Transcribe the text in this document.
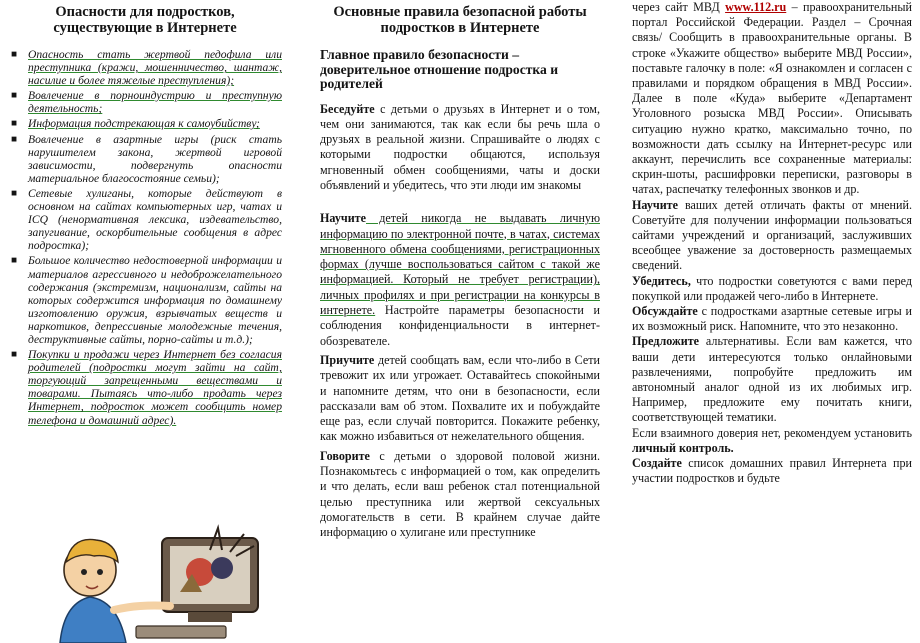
Опасности для подростков, существующие в Интернете
■ Опасность стать жертвой педофила или преступника (кражи, мошенничество, шантаж, насилие и более тяжелые преступления);
■ Вовлечение в порноиндустрию и преступную деятельность;
■ Информация подстрекающая к самоубийству;
■ Вовлечение в азартные игры (риск стать нарушителем закона, жертвой игровой зависимости, подвергнуть опасности материальное благосостояние семьи);
■ Сетевые хулиганы, которые действуют в основном на сайтах компьютерных игр, чатах и ICQ (ненормативная лексика, издевательство, запугивание, оскорбительные сообщения в адрес подростка);
■ Большое количество недостоверной информации и материалов агрессивного и недоброжелательного содержания (экстремизм, национализм, сайты на которых содержится информация по домашнему изготовлению оружия, взрывчатых веществ и наркотиков, депрессивные молодежные течения, деструктивные сайты, порно-сайты и т.д.);
■ Покупки и продажи через Интернет без согласия родителей (подростки могут зайти на сайт, торгующий запрещенными веществами и товарами. Пытаясь что-либо продать через Интернет, подросток может сообщить номер телефона и домашний адрес).
Основные правила безопасной работы подростков в Интернете
Главное правило безопасности – доверительное отношение подростка и родителей

Беседуйте с детьми о друзьях в Интернет и о том, чем они занимаются, так как если бы речь шла о друзьях в реальной жизни. Спрашивайте о людях с которыми подростки общаются, используя мгновенный обмен сообщениями, чаты и доски объявлений и убедитесь, что эти люди им знакомы

Научите детей никогда не выдавать личную информацию по электронной почте, в чатах, системах мгновенного обмена сообщениями, регистрационных формах (лучше воспользоваться сайтом с такой же информацией. Который не требует регистрации), личных профилях и при регистрации на конкурсы в интернете. Настройте параметры безопасности и соблюдения конфиденциальности в интернет-обозревателе.

Приучите детей сообщать вам, если что-либо в Сети тревожит их или угрожает. Оставайтесь спокойными и напомните детям, что они в безопасности, если рассказали вам об этом. Похвалите их и побуждайте еще раз, если случай повторится. Покажите ребенку, как можно избавиться от нежелательного общения.

Говорите с детьми о здоровой половой жизни. Познакомьтесь с информацией о том, как определить и что делать, если ваш ребенок стал потенциальной целью преступника или жертвой сексуальных домогательств в сети. В крайнем случае дайте информацию о хулигане или преступнике

через сайт МВД www.112.ru – правоохранительный портал Российской Федерации. Раздел – Срочная связь/ Сообщить в правоохранительные органы. В строке «Укажите общество» выберите МВД России», поставьте галочку в поле: «Я ознакомлен и согласен с правилами и порядком обращения в МВД России». Далее в поле «Куда» выберите «Департамент Уголовного розыска МВД России». Описывать ситуацию нужно кратко, максимально точно, по возможности дать ссылку на Интернет-ресурс или аккаунт, перечислить все сохраненные материалы: скрин-шоты, расшифровки переписки, разговоры в чатах, распечатку телефонных звонков и др.

Научите ваших детей отличать факты от мнений. Советуйте для получении информации пользоваться сайтами учреждений и организаций, заслуживших всеобщее уважение за достоверность размещаемых сведений.

Убедитесь, что подростки советуются с вами перед покупкой или продажей чего-либо в Интернете.

Обсуждайте с подростками азартные сетевые игры и их возможный риск. Напомните, что это незаконно.

Предложите альтернативы. Если вам кажется, что ваши дети интересуются только онлайновыми развлечениями, попробуйте предложить им автономный аналог одной из их любимых игр. Например, предложите ему почитать книги, соответствующей тематики.

Если взаимного доверия нет, рекомендуем установить личный контроль.

Создайте список домашних правил Интернета при участии подростков и будьте
